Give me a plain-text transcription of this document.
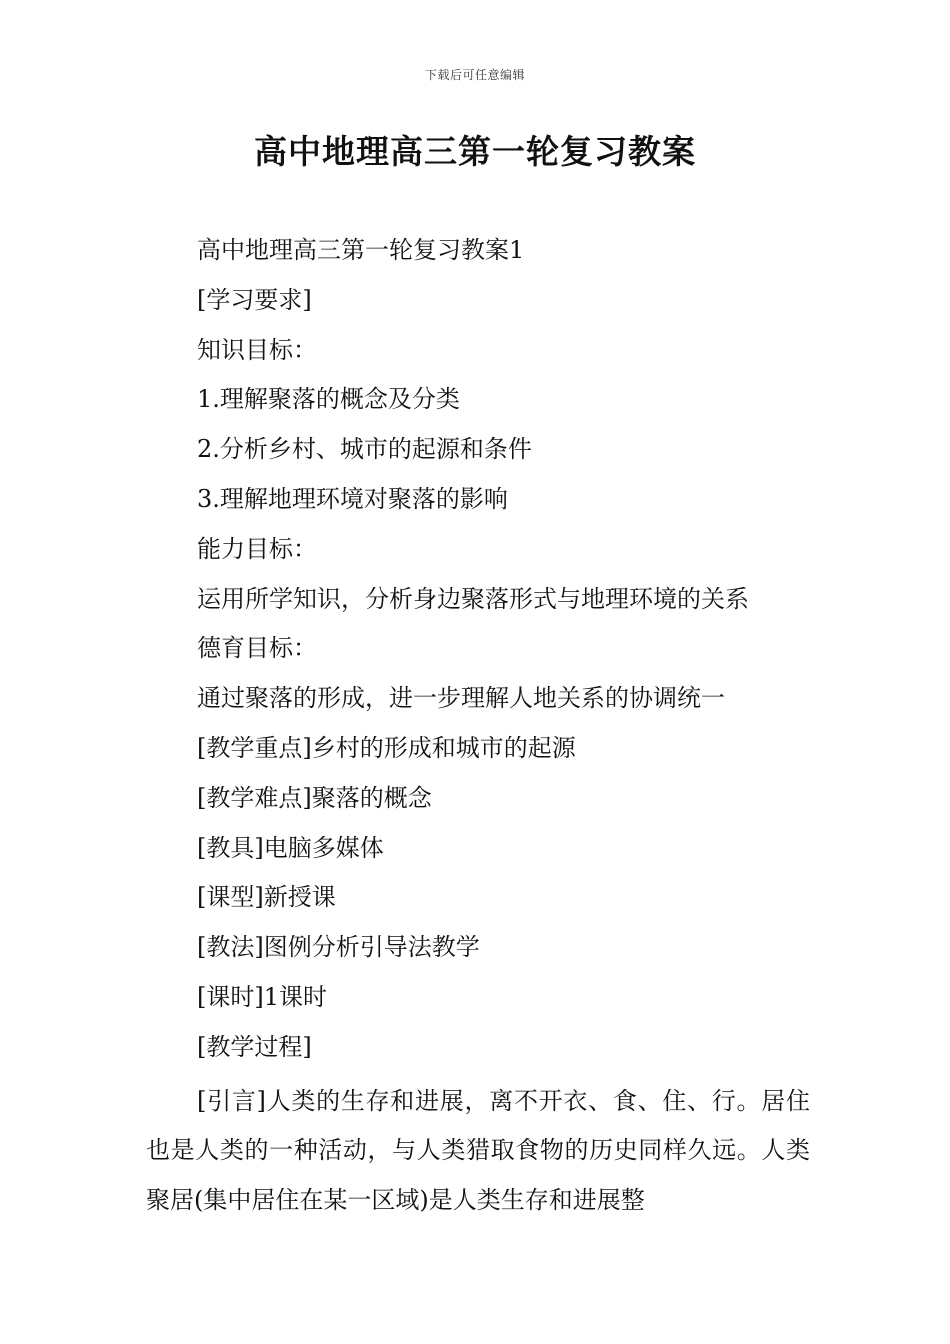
下载后可任意编辑
高中地理高三第一轮复习教案
高中地理高三第一轮复习教案1
[学习要求]
知识目标：
1.理解聚落的概念及分类
2.分析乡村、城市的起源和条件
3.理解地理环境对聚落的影响
能力目标：
运用所学知识，分析身边聚落形式与地理环境的关系
德育目标：
通过聚落的形成，进一步理解人地关系的协调统一
[教学重点]乡村的形成和城市的起源
[教学难点]聚落的概念
[教具]电脑多媒体
[课型]新授课
[教法]图例分析引导法教学
[课时]1课时
[教学过程]
[引言]人类的生存和进展，离不开衣、食、住、行。居住也是人类的一种活动，与人类猎取食物的历史同样久远。人类聚居(集中居住在某一区域)是人类生存和进展整
